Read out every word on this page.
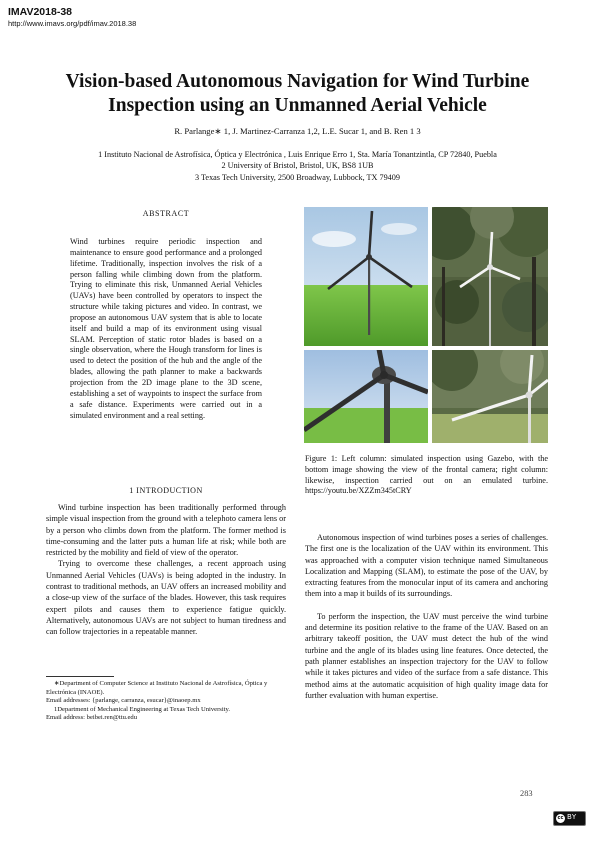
IMAV2018-38
http://www.imavs.org/pdf/imav.2018.38
Vision-based Autonomous Navigation for Wind Turbine
Inspection using an Unmanned Aerial Vehicle
R. Parlange∗ 1, J. Martinez-Carranza 1,2, L.E. Sucar 1, and B. Ren 1 3
1 Instituto Nacional de Astrofísica, Óptica y Electrónica , Luis Enrique Erro 1, Sta. María Tonantzintla, CP 72840, Puebla
2 University of Bristol, Bristol, UK, BS8 1UB
3 Texas Tech University, 2500 Broadway, Lubbock, TX 79409
ABSTRACT

Wind turbines require periodic inspection and maintenance to ensure good performance and a prolonged lifetime. Traditionally, inspection involves the risk of a person falling while climbing down from the platform. Trying to eliminate this risk, Unmanned Aerial Vehicles (UAVs) have been controlled by operators to inspect the structure while taking pictures and video. In contrast, we propose an autonomous UAV system that is able to locate itself and build a map of its environment using visual SLAM. Perception of static rotor blades is based on a single observation, where the Hough transform for lines is used to detect the position of the hub and the angle of the blades, allowing the path planner to make a backwards projection from the 2D image plane to the 3D scene, establishing a set of waypoints to inspect the surface from a safe distance. Experiments were carried out in a simulated environment and a real setting.

1 INTRODUCTION

Wind turbine inspection has been traditionally performed through simple visual inspection from the ground with a telephoto camera lens or by a person who climbs down from the platform. The former method is time-consuming and the latter puts a human life at risk; while both are restricted by the mobility and field of view of the operator.

Trying to overcome these challenges, a recent approach using Unmanned Aerial Vehicles (UAVs) is being adopted in the industry. In contrast to traditional methods, an UAV offers an increased mobility and a close-up view of the surface of the blades. However, this task requires expert pilots and causes them to experience fatigue quickly. Alternatively, autonomous UAVs are not subject to human tiredness and can follow trajectories in a repeatable manner.

∗Department of Computer Science at Instituto Nacional de Astrofísica, Óptica y Electrónica (INAOE).

Email addresses: {parlange, carranza, esucar}@inaoep.mx

1Department of Mechanical Engineering at Texas Tech University.

Email address: beibei.ren@ttu.edu

Figure 1: Left column: simulated inspection using Gazebo, with the bottom image showing the view of the frontal camera; right column: likewise, inspection carried out on an emulated turbine. https://youtu.be/XZZm345tCRY

Autonomous inspection of wind turbines poses a series of challenges. The first one is the localization of the UAV within its environment. This was approached with a computer vision technique named Simultaneous Localization and Mapping (SLAM), to estimate the pose of the UAV, by extracting features from the monocular input of its camera and anchoring them into a map it builds of its surroundings.

To perform the inspection, the UAV must perceive the wind turbine and determine its position relative to the frame of the UAV. Based on an arbitrary takeoff position, the UAV must detect the hub of the wind turbine and the angle of its blades using line features. Once detected, the path planner establishes an inspection trajectory for the UAV to follow while it takes pictures and video of the surface from a safe distance. This method aims at the automatic acquisition of high quality image data for further evaluation with human expertise.

283
cc BY
